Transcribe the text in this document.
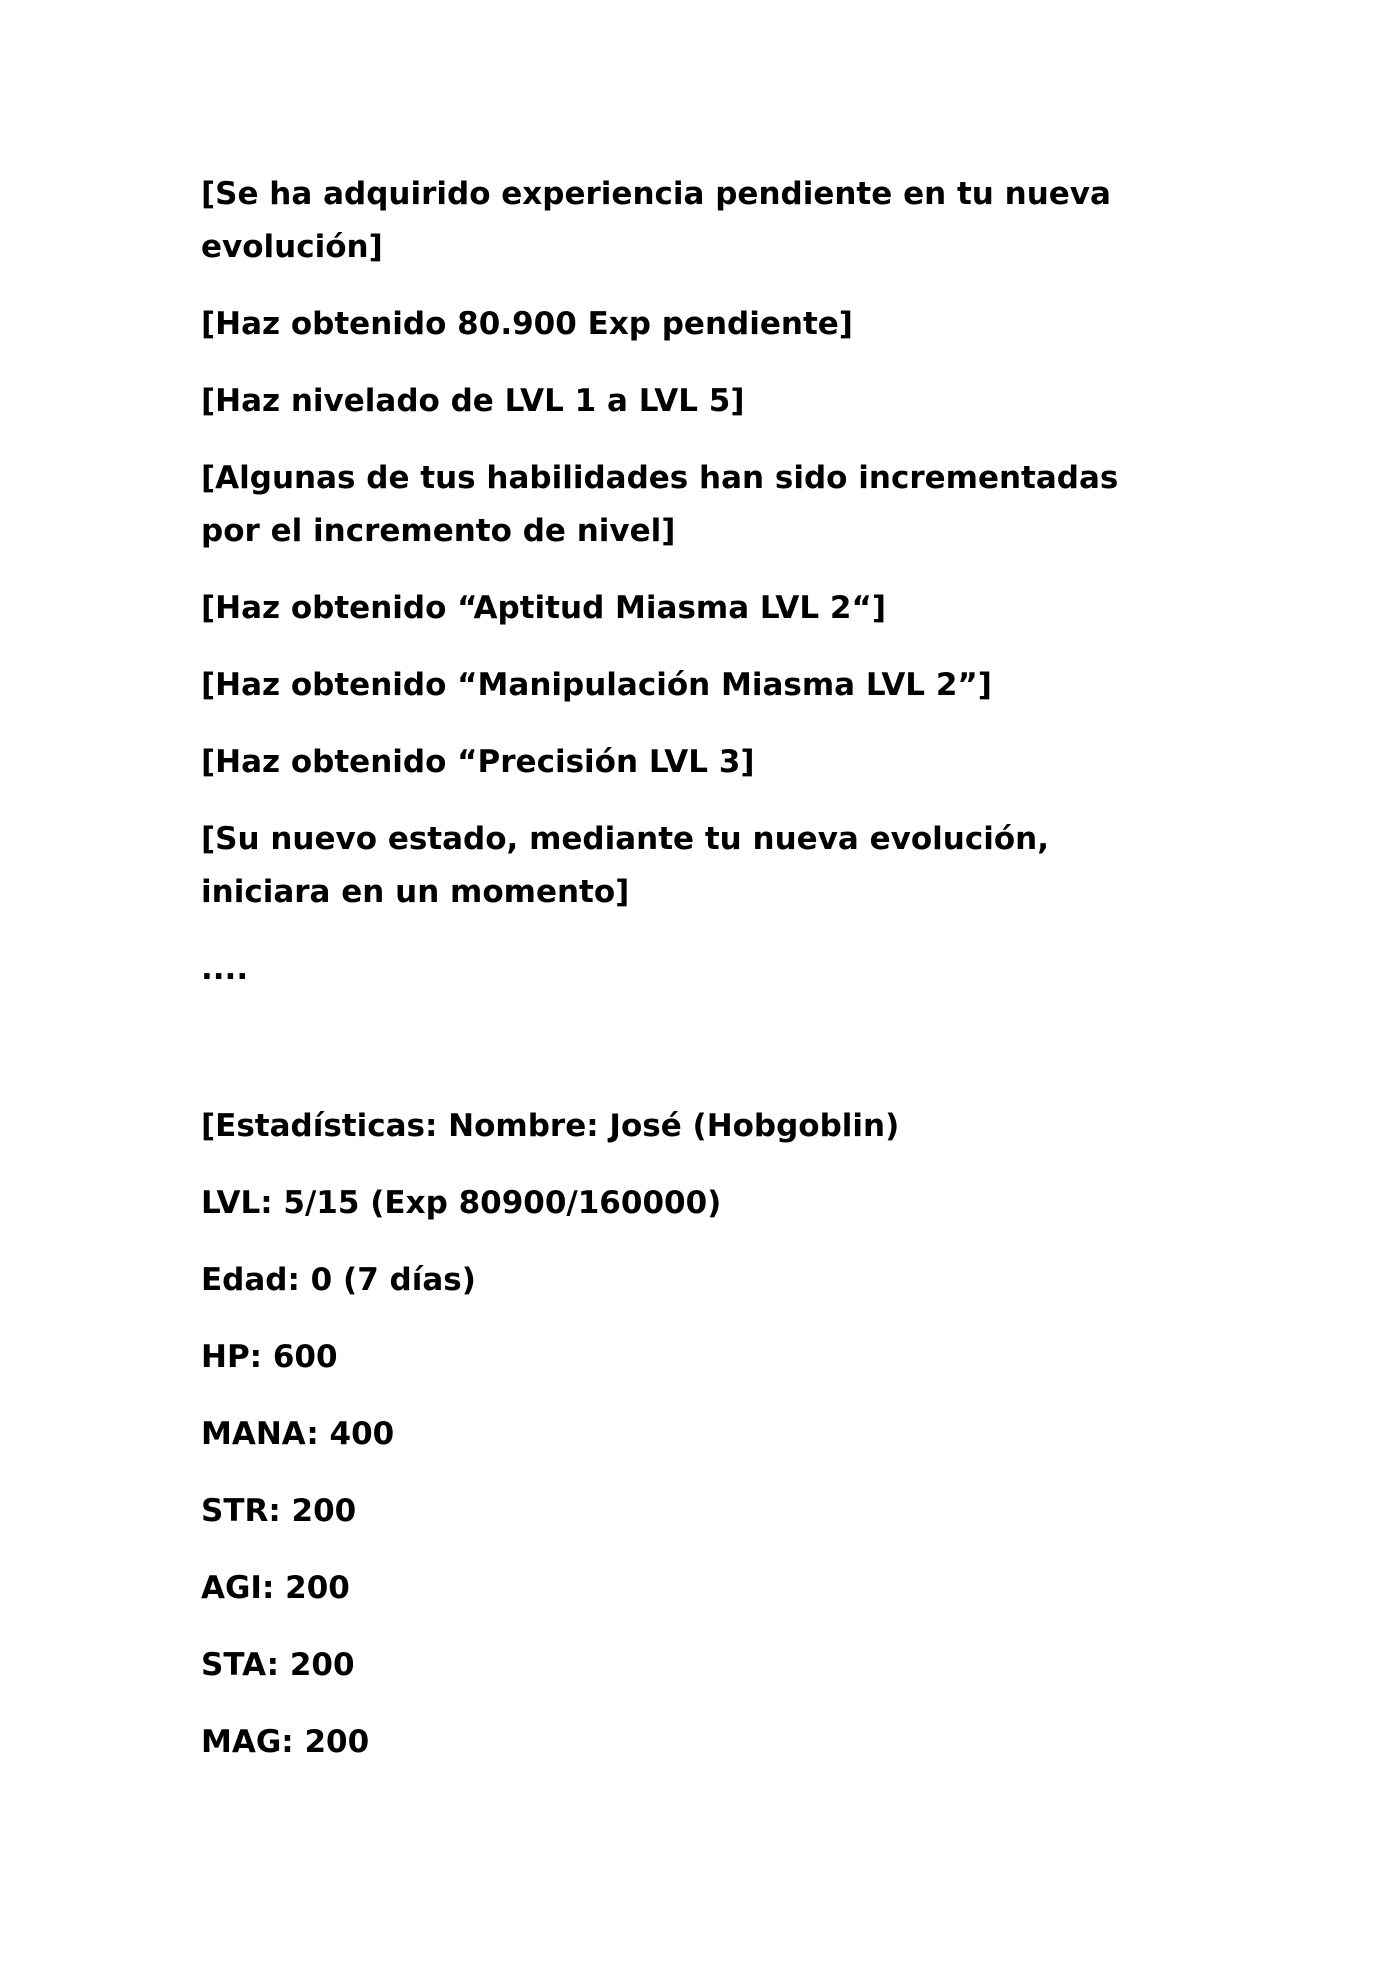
[Se ha adquirido experiencia pendiente en tu nueva evolución]

[Haz obtenido 80.900 Exp pendiente]

[Haz nivelado de LVL 1 a LVL 5]

[Algunas de tus habilidades han sido incrementadas por el incremento de nivel]

[Haz obtenido “Aptitud Miasma LVL 2“]

[Haz obtenido “Manipulación Miasma LVL 2”]

[Haz obtenido “Precisión LVL 3]

[Su nuevo estado, mediante tu nueva evolución, iniciara en un momento]

....

[Estadísticas: Nombre: José (Hobgoblin)

LVL: 5/15 (Exp 80900/160000)

Edad: 0 (7 días)

HP: 600

MANA: 400

STR: 200

AGI: 200

STA: 200

MAG: 200
